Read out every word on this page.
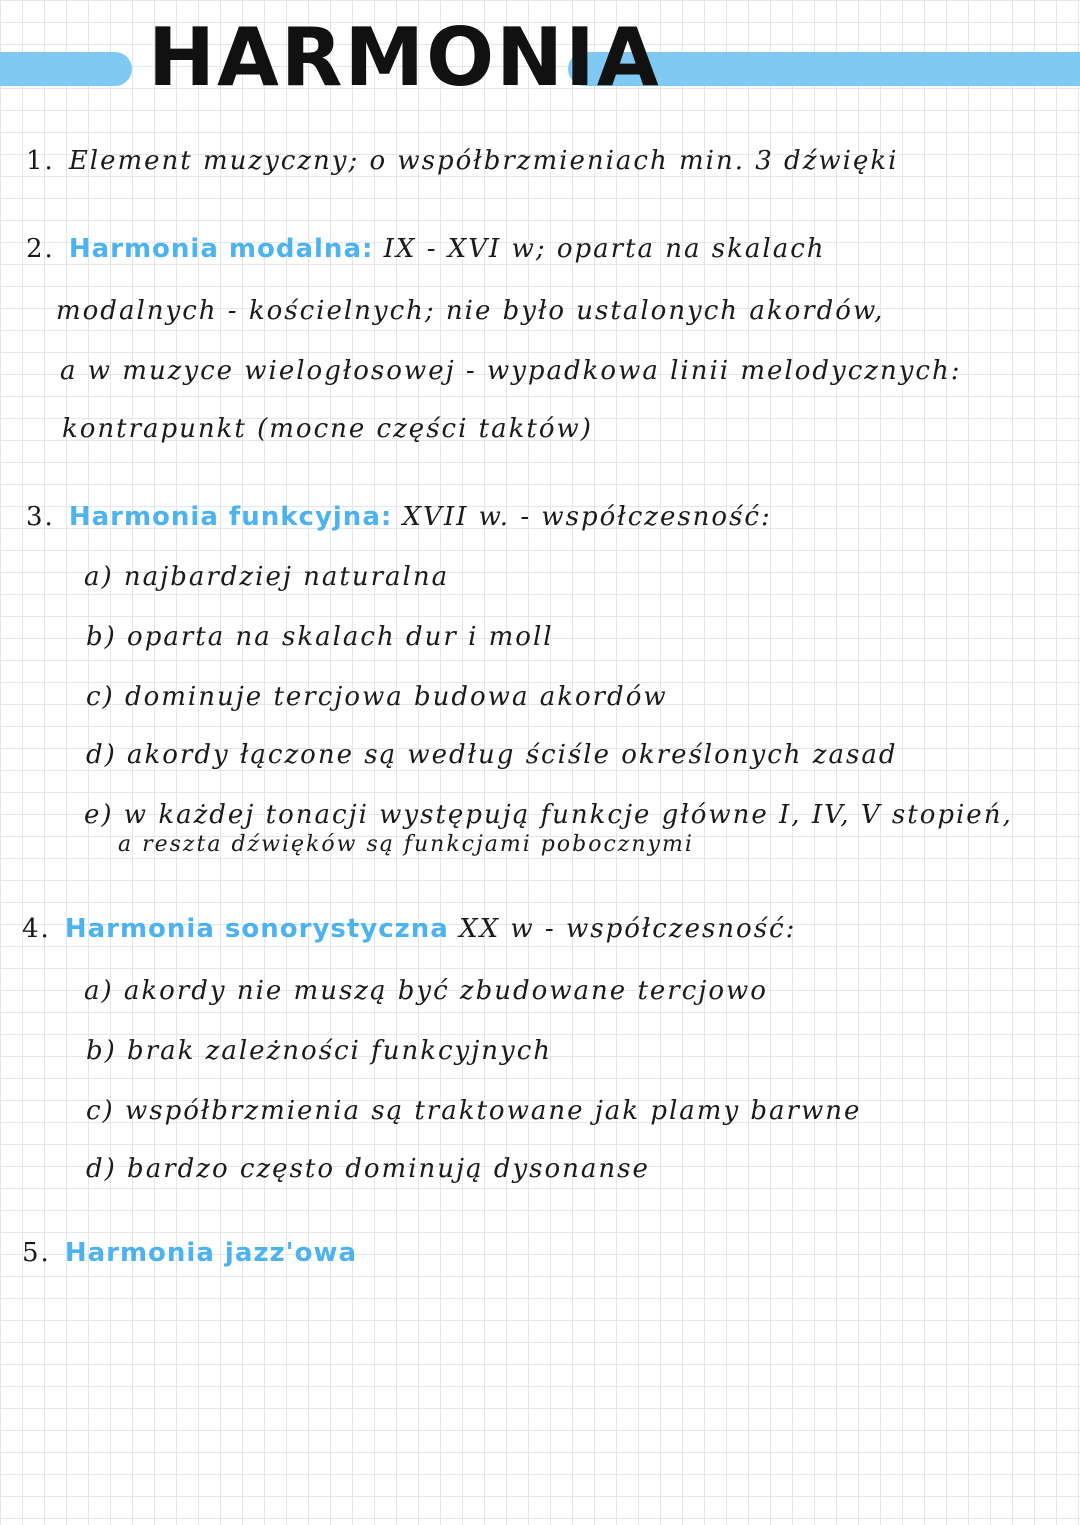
HARMONIA
1. Element muzyczny; o współbrzmieniach min. 3 dźwięki
2. Harmonia modalna: IX - XVI w; oparta na skalach
modalnych - kościelnych; nie było ustalonych akordów,
a w muzyce wielogłosowej - wypadkowa linii melodycznych:
kontrapunkt (mocne części taktów)
3. Harmonia funkcyjna: XVII w. - współczesność:
a) najbardziej naturalna
b) oparta na skalach dur i moll
c) dominuje tercjowa budowa akordów
d) akordy łączone są według ściśle określonych zasad
e) w każdej tonacji występują funkcje główne I, IV, V stopień,
a reszta dźwięków są funkcjami pobocznymi
4. Harmonia sonorystyczna XX w - współczesność:
a) akordy nie muszą być zbudowane tercjowo
b) brak zależności funkcyjnych
c) współbrzmienia są traktowane jak plamy barwne
d) bardzo często dominują dysonanse
5. Harmonia jazz'owa
